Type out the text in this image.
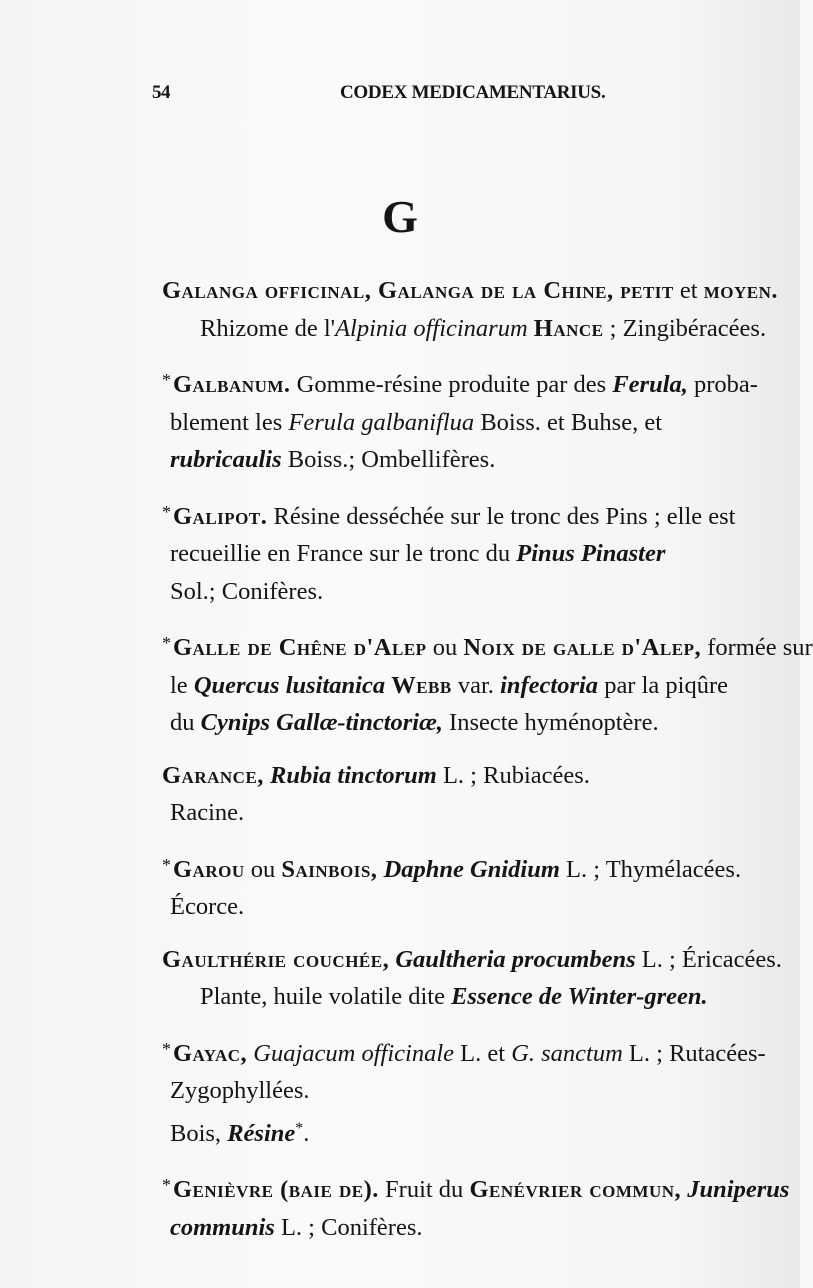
54	CODEX MEDICAMENTARIUS.
G
Galanga officinal, Galanga de la Chine, petit et moyen.
Rhizome de l'Alpinia officinarum Hance ; Zingibéracées.
*Galbanum. Gomme-résine produite par des Ferula, proba-
blement les Ferula galbaniflua Boiss. et Buhse, et
rubricaulis Boiss.; Ombellifères.
*Galipot. Résine desséchée sur le tronc des Pins ; elle est
recueillie en France sur le tronc du Pinus Pinaster
Sol.; Conifères.
*Galle de Chêne d'Alep ou Noix de galle d'Alep, formée sur
le Quercus lusitanica Webb var. infectoria par la piqûre
du Cynips Gallæ-tinctoriæ, Insecte hyménoptère.
Garance, Rubia tinctorum L. ; Rubiacées.
Racine.
*Garou ou Sainbois, Daphne Gnidium L. ; Thymélacées.
Écorce.
Gaulthérie couchée, Gaultheria procumbens L. ; Éricacées.
Plante, huile volatile dite Essence de Winter-green.
*Gayac, Guajacum officinale L. et G. sanctum L. ; Rutacées-
Zygophyllées.
Bois, Résine*.
*Genièvre (baie de). Fruit du Genévrier commun, Juniperus
communis L. ; Conifères.
